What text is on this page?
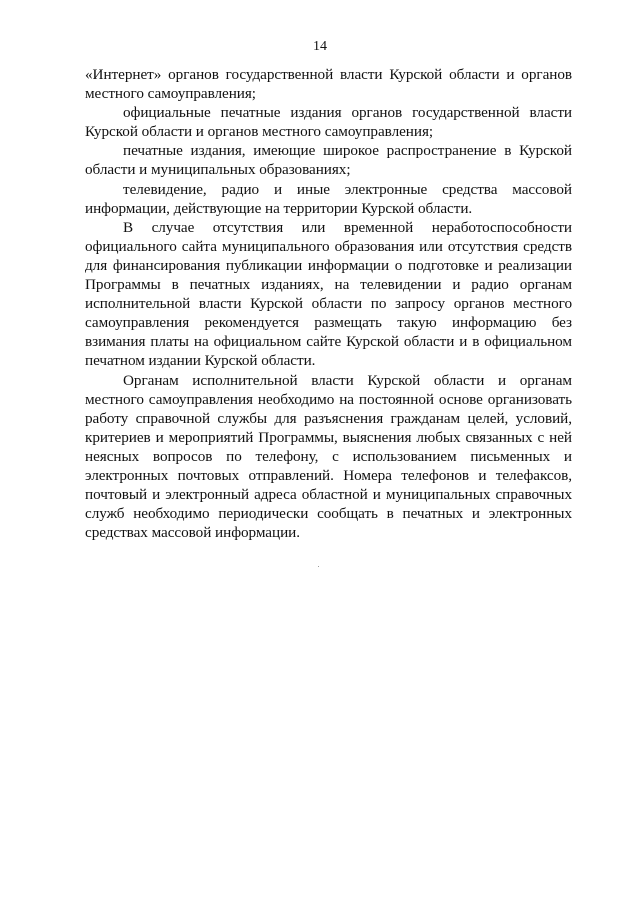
14

«Интернет» органов государственной власти Курской области и органов местного самоуправления;

официальные печатные издания органов государственной власти Курской области и органов местного самоуправления;

печатные издания, имеющие широкое распространение в Курской области и муниципальных образованиях;

телевидение, радио и иные электронные средства массовой информации, действующие на территории Курской области.

В случае отсутствия или временной неработоспособности официального сайта муниципального образования или отсутствия средств для финансирования публикации информации о подготовке и реализации Программы в печатных изданиях, на телевидении и радио органам исполнительной власти Курской области по запросу органов местного самоуправления рекомендуется размещать такую информацию без взимания платы на официальном сайте Курской области и в официальном печатном издании Курской области.

Органам исполнительной власти Курской области и органам местного самоуправления необходимо на постоянной основе организовать работу справочной службы для разъяснения гражданам целей, условий, критериев и мероприятий Программы, выяснения любых связанных с ней неясных вопросов по телефону, с использованием письменных и электронных почтовых отправлений. Номера телефонов и телефаксов, почтовый и электронный адреса областной и муниципальных справочных служб необходимо периодически сообщать в печатных и электронных средствах массовой информации.
